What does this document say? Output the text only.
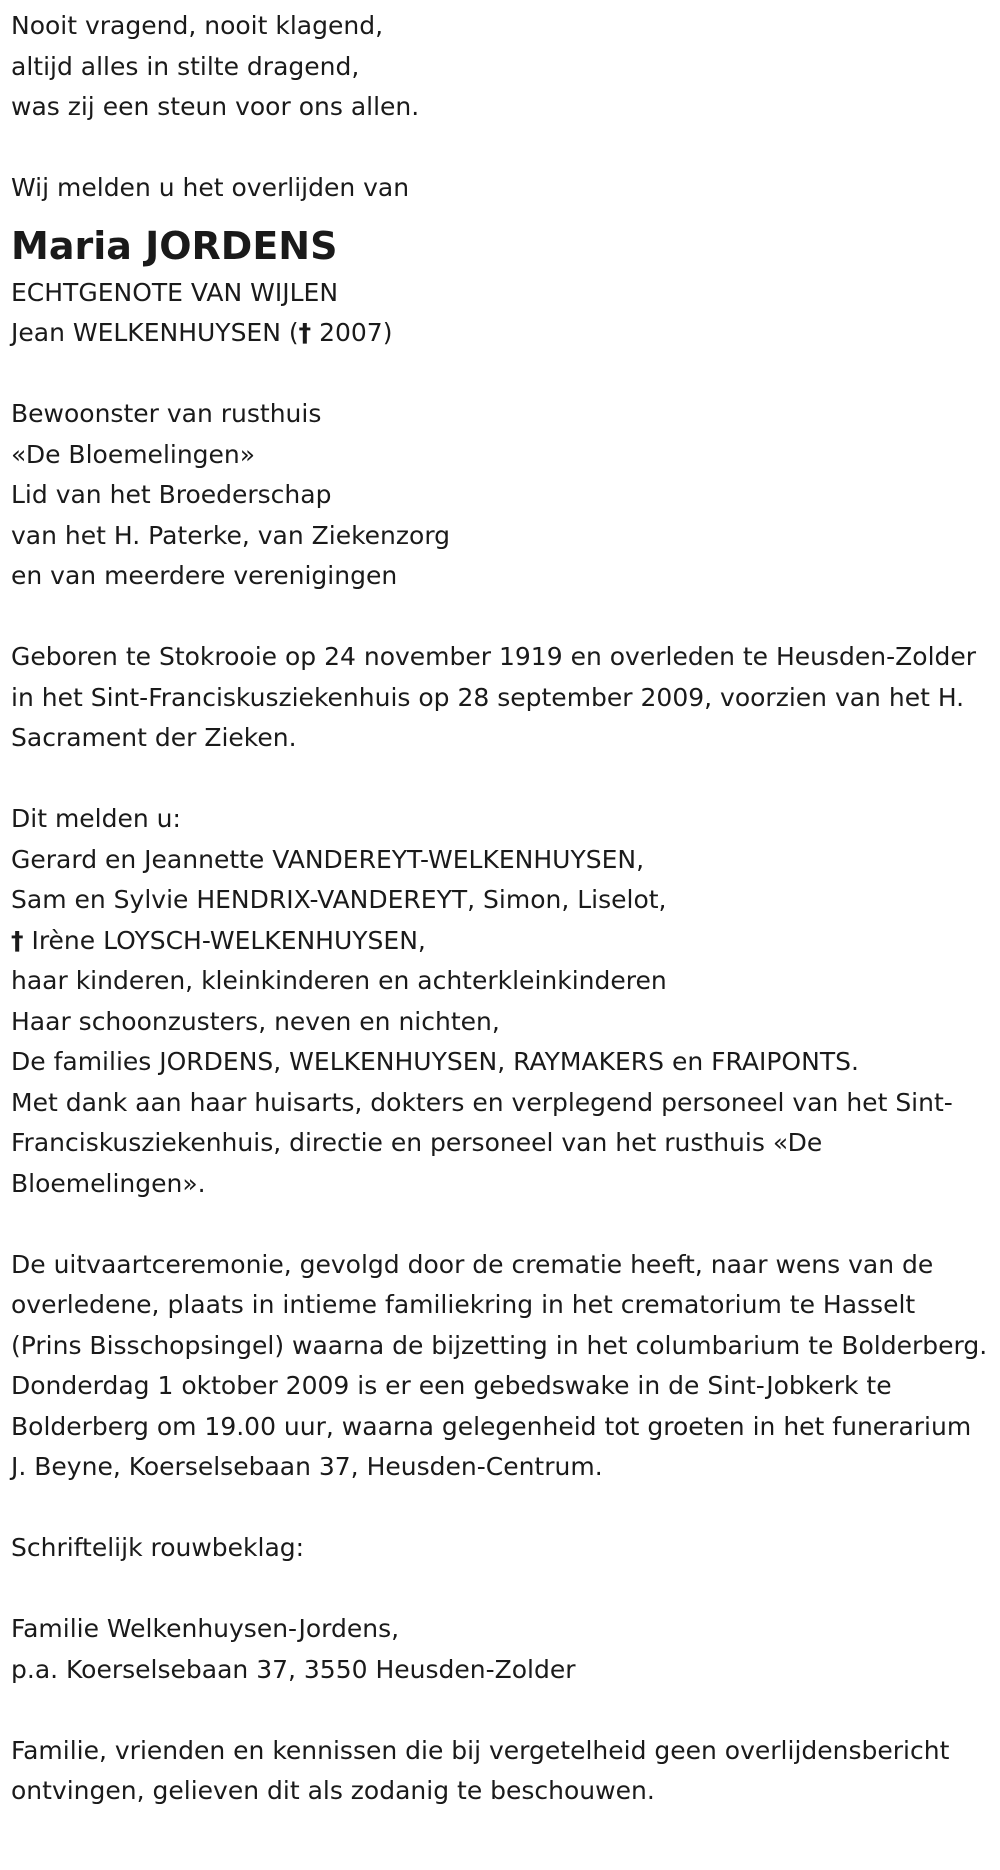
Nooit vragend, nooit klagend,
altijd alles in stilte dragend,
was zij een steun voor ons allen.
Wij melden u het overlijden van
Maria JORDENS
ECHTGENOTE VAN WIJLEN
Jean WELKENHUYSEN († 2007)
Bewoonster van rusthuis
«De Bloemelingen»
Lid van het Broederschap
van het H. Paterke, van Ziekenzorg
en van meerdere verenigingen
Geboren te Stokrooie op 24 november 1919 en overleden te Heusden-Zolder in het Sint-Franciskusziekenhuis op 28 september 2009, voorzien van het H. Sacrament der Zieken.
Dit melden u:
Gerard en Jeannette VANDEREYT-WELKENHUYSEN,
Sam en Sylvie HENDRIX-VANDEREYT, Simon, Liselot,
† Irène LOYSCH-WELKENHUYSEN,
haar kinderen, kleinkinderen en achterkleinkinderen
Haar schoonzusters, neven en nichten,
De families JORDENS, WELKENHUYSEN, RAYMAKERS en FRAIPONTS.
Met dank aan haar huisarts, dokters en verplegend personeel van het Sint-Franciskusziekenhuis, directie en personeel van het rusthuis «De Bloemelingen».
De uitvaartceremonie, gevolgd door de crematie heeft, naar wens van de overledene, plaats in intieme familiekring in het crematorium te Hasselt (Prins Bisschopsingel) waarna de bijzetting in het columbarium te Bolderberg.
Donderdag 1 oktober 2009 is er een gebedswake in de Sint-Jobkerk te Bolderberg om 19.00 uur, waarna gelegenheid tot groeten in het funerarium J. Beyne, Koerselsebaan 37, Heusden-Centrum.
Schriftelijk rouwbeklag:
Familie Welkenhuysen-Jordens,
p.a. Koerselsebaan 37, 3550 Heusden-Zolder
Familie, vrienden en kennissen die bij vergetelheid geen overlijdensbericht ontvingen, gelieven dit als zodanig te beschouwen.
